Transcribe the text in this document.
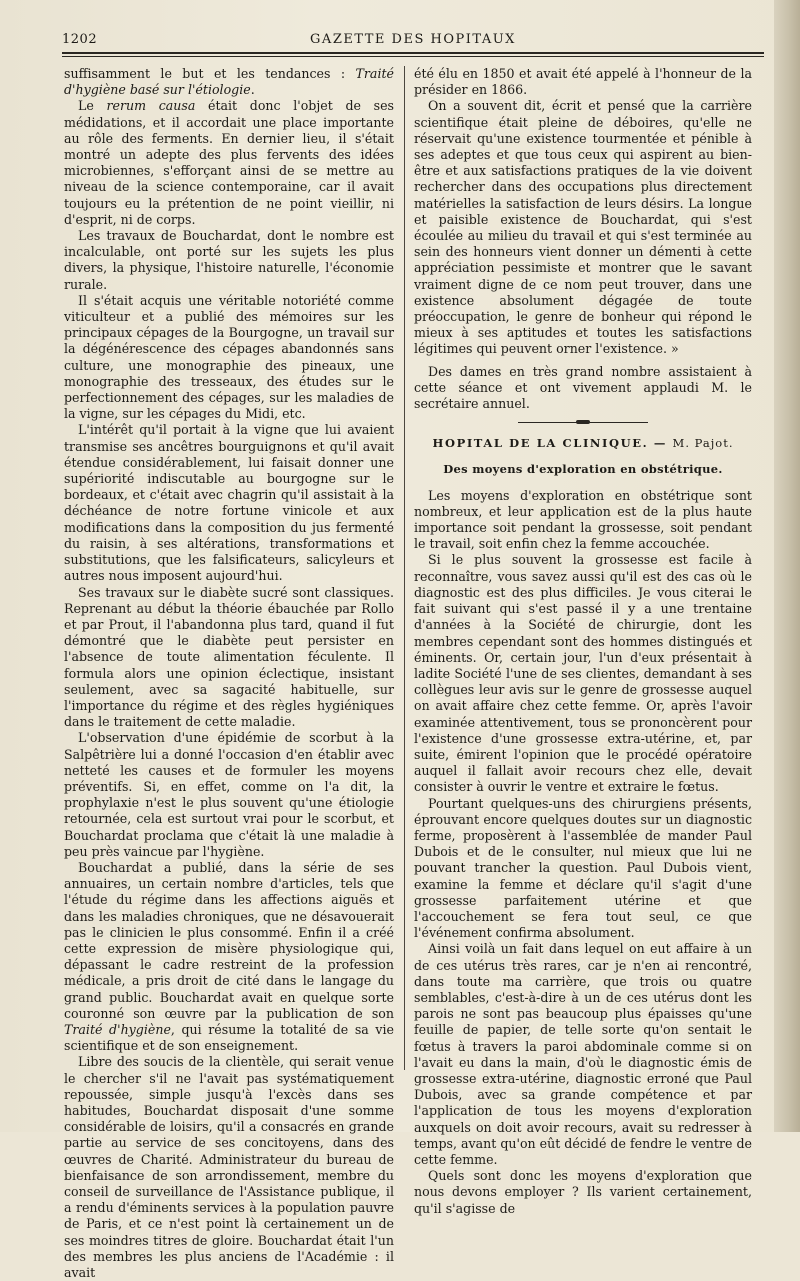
1202	GAZETTE DES HOPITAUX

suffisamment le but et les tendances : Traité d'hygiène basé sur l'étiologie.

Le rerum causa était donc l'objet de ses médidations, et il accordait une place importante au rôle des ferments. En dernier lieu, il s'était montré un adepte des plus fervents des idées microbiennes, s'efforçant ainsi de se mettre au niveau de la science contemporaine, car il avait toujours eu la prétention de ne point vieillir, ni d'esprit, ni de corps.

Les travaux de Bouchardat, dont le nombre est incalculable, ont porté sur les sujets les plus divers, la physique, l'histoire naturelle, l'économie rurale.

Il s'était acquis une véritable notoriété comme viticulteur et a publié des mémoires sur les principaux cépages de la Bourgogne, un travail sur la dégénérescence des cépages abandonnés sans culture, une monographie des pineaux, une monographie des tresseaux, des études sur le perfectionnement des cépages, sur les maladies de la vigne, sur les cépages du Midi, etc.

L'intérêt qu'il portait à la vigne que lui avaient transmise ses ancêtres bourguignons et qu'il avait étendue considérablement, lui faisait donner une supériorité indiscutable au bourgogne sur le bordeaux, et c'était avec chagrin qu'il assistait à la déchéance de notre fortune vinicole et aux modifications dans la composition du jus fermenté du raisin, à ses altérations, transformations et substitutions, que les falsificateurs, salicyleurs et autres nous imposent aujourd'hui.

Ses travaux sur le diabète sucré sont classiques. Reprenant au début la théorie ébauchée par Rollo et par Prout, il l'abandonna plus tard, quand il fut démontré que le diabète peut persister en l'absence de toute alimentation féculente. Il formula alors une opinion éclectique, insistant seulement, avec sa sagacité habituelle, sur l'importance du régime et des règles hygiéniques dans le traitement de cette maladie.

L'observation d'une épidémie de scorbut à la Salpêtrière lui a donné l'occasion d'en établir avec netteté les causes et de formuler les moyens préventifs. Si, en effet, comme on l'a dit, la prophylaxie n'est le plus souvent qu'une étiologie retournée, cela est surtout vrai pour le scorbut, et Bouchardat proclama que c'était là une maladie à peu près vaincue par l'hygiène.

Bouchardat a publié, dans la série de ses annuaires, un certain nombre d'articles, tels que l'étude du régime dans les affections aiguës et dans les maladies chroniques, que ne désavouerait pas le clinicien le plus consommé. Enfin il a créé cette expression de misère physiologique qui, dépassant le cadre restreint de la profession médicale, a pris droit de cité dans le langage du grand public. Bouchardat avait en quelque sorte couronné son œuvre par la publication de son Traité d'hygiène, qui résume la totalité de sa vie scientifique et de son enseignement.

Libre des soucis de la clientèle, qui serait venue le chercher s'il ne l'avait pas systématiquement repoussée, simple jusqu'à l'excès dans ses habitudes, Bouchardat disposait d'une somme considérable de loisirs, qu'il a consacrés en grande partie au service de ses concitoyens, dans des œuvres de Charité. Administrateur du bureau de bienfaisance de son arrondissement, membre du conseil de surveillance de l'Assistance publique, il a rendu d'éminents services à la population pauvre de Paris, et ce n'est point là certainement un de ses moindres titres de gloire. Bouchardat était l'un des membres les plus anciens de l'Académie : il avait

été élu en 1850 et avait été appelé à l'honneur de la présider en 1866.

On a souvent dit, écrit et pensé que la carrière scientifique était pleine de déboires, qu'elle ne réservait qu'une existence tourmentée et pénible à ses adeptes et que tous ceux qui aspirent au bien-être et aux satisfactions pratiques de la vie doivent rechercher dans des occupations plus directement matérielles la satisfaction de leurs désirs. La longue et paisible existence de Bouchardat, qui s'est écoulée au milieu du travail et qui s'est terminée au sein des honneurs vient donner un démenti à cette appréciation pessimiste et montrer que le savant vraiment digne de ce nom peut trouver, dans une existence absolument dégagée de toute préoccupation, le genre de bonheur qui répond le mieux à ses aptitudes et toutes les satisfactions légitimes qui peuvent orner l'existence. »

Des dames en très grand nombre assistaient à cette séance et ont vivement applaudi M. le secrétaire annuel.

HOPITAL DE LA CLINIQUE. — M. Pajot.
Des moyens d'exploration en obstétrique.

Les moyens d'exploration en obstétrique sont nombreux, et leur application est de la plus haute importance soit pendant la grossesse, soit pendant le travail, soit enfin chez la femme accouchée.

Si le plus souvent la grossesse est facile à reconnaître, vous savez aussi qu'il est des cas où le diagnostic est des plus difficiles. Je vous citerai le fait suivant qui s'est passé il y a une trentaine d'années à la Société de chirurgie, dont les membres cependant sont des hommes distingués et éminents. Or, certain jour, l'un d'eux présentait à ladite Société l'une de ses clientes, demandant à ses collègues leur avis sur le genre de grossesse auquel on avait affaire chez cette femme. Or, après l'avoir examinée attentivement, tous se prononcèrent pour l'existence d'une grossesse extra-utérine, et, par suite, émirent l'opinion que le procédé opératoire auquel il fallait avoir recours chez elle, devait consister à ouvrir le ventre et extraire le fœtus.

Pourtant quelques-uns des chirurgiens présents, éprouvant encore quelques doutes sur un diagnostic ferme, proposèrent à l'assemblée de mander Paul Dubois et de le consulter, nul mieux que lui ne pouvant trancher la question. Paul Dubois vient, examine la femme et déclare qu'il s'agit d'une grossesse parfaitement utérine et que l'accouchement se fera tout seul, ce que l'événement confirma absolument.

Ainsi voilà un fait dans lequel on eut affaire à un de ces utérus très rares, car je n'en ai rencontré, dans toute ma carrière, que trois ou quatre semblables, c'est-à-dire à un de ces utérus dont les parois ne sont pas beaucoup plus épaisses qu'une feuille de papier, de telle sorte qu'on sentait le fœtus à travers la paroi abdominale comme si on l'avait eu dans la main, d'où le diagnostic émis de grossesse extra-utérine, diagnostic erroné que Paul Dubois, avec sa grande compétence et par l'application de tous les moyens d'exploration auxquels on doit avoir recours, avait su redresser à temps, avant qu'on eût décidé de fendre le ventre de cette femme.

Quels sont donc les moyens d'exploration que nous devons employer ? Ils varient certainement, qu'il s'agisse de
